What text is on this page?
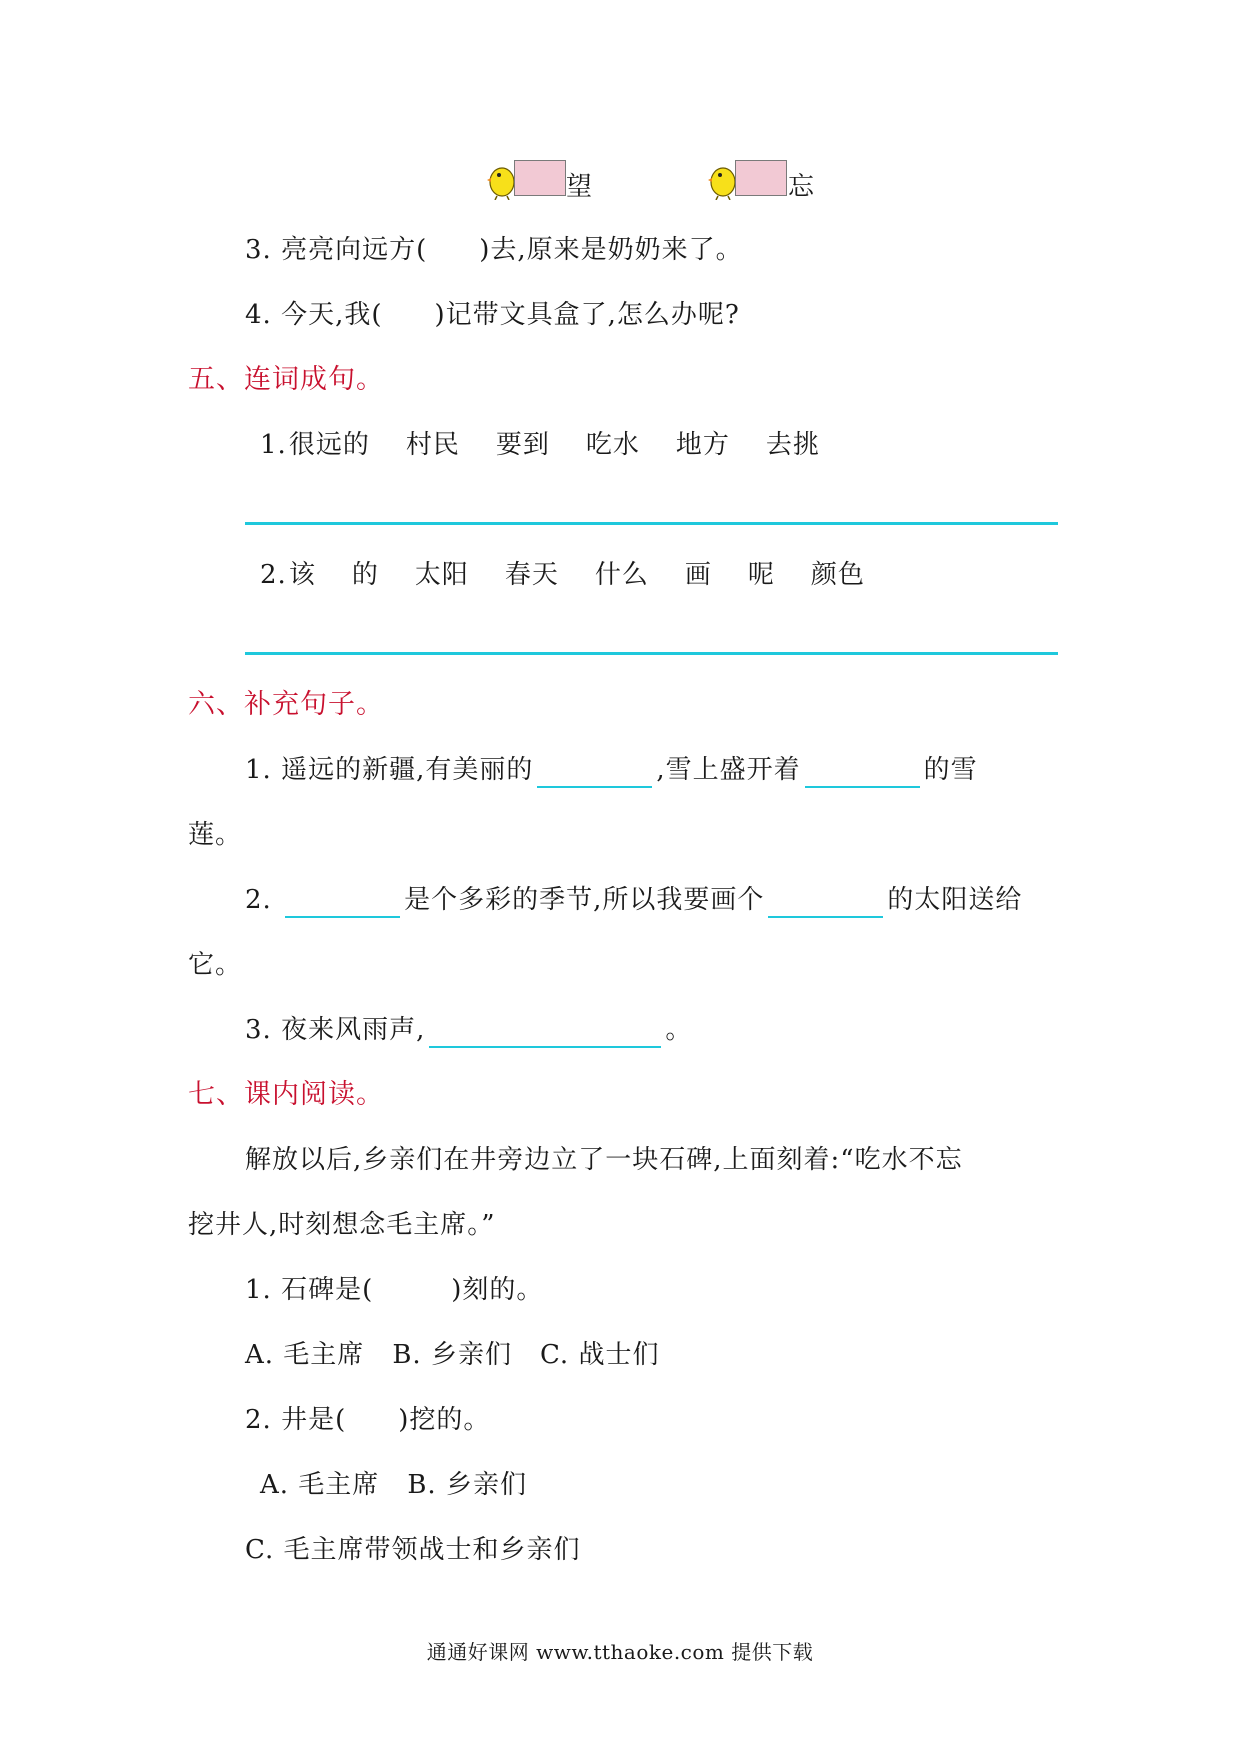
望	忘
3. 亮亮向远方( )去,原来是奶奶来了。
4. 今天,我( )记带文具盒了,怎么办呢?
五、连词成句。
1.很远的 村民 要到 吃水 地方 去挑
2.该 的 太阳 春天 什么 画 呢 颜色
六、补充句子。
1. 遥远的新疆,有美丽的	,雪上盛开着	的雪
莲。
2.	是个多彩的季节,所以我要画个	的太阳送给
它。
3. 夜来风雨声,	。
七、课内阅读。
解放以后,乡亲们在井旁边立了一块石碑,上面刻着:“吃水不忘
挖井人,时刻想念毛主席。”
1. 石碑是(	)刻的。
A. 毛主席 B. 乡亲们 C. 战士们
2. 井是( )挖的。
A. 毛主席 B. 乡亲们
C. 毛主席带领战士和乡亲们
通通好课网 www.tthaoke.com 提供下载
